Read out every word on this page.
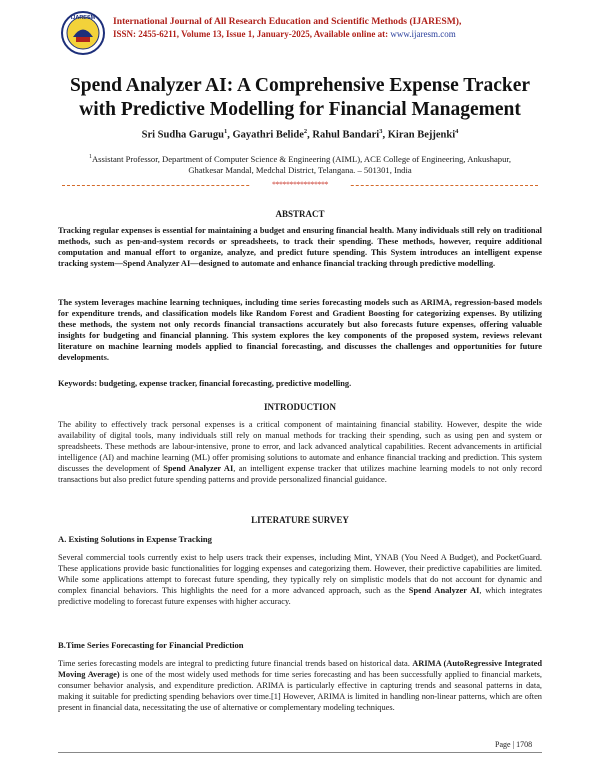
IJARESM International Journal of All Research Education and Scientific Methods (IJARESM),
ISSN: 2455-6211, Volume 13, Issue 1, January-2025, Available online at: www.ijaresm.com
Spend Analyzer AI: A Comprehensive Expense Tracker
with Predictive Modelling for Financial Management
Sri Sudha Garugu$^1$, Gayathri Belide$^2$, Rahul Bandari$^3$, Kiran Bejjenki$^4$
$^1$Assistant Professor, Department of Computer Science & Engineering (AIML), ACE College of Engineering, Ankushapur,
Ghatkesar Mandal, Medchal District, Telangana. – 501301, India
****************
ABSTRACT
Tracking regular expenses is essential for maintaining a budget and ensuring financial health. Many individuals still rely on traditional methods, such as pen-and-system records or spreadsheets, to track their spending. These methods, however, require additional computation and manual effort to organize, analyze, and predict future spending. This System introduces an intelligent expense tracking system—Spend Analyzer AI—designed to automate and enhance financial tracking through predictive modelling.
The system leverages machine learning techniques, including time series forecasting models such as ARIMA, regression-based models for expenditure trends, and classification models like Random Forest and Gradient Boosting for categorizing expenses. By utilizing these methods, the system not only records financial transactions accurately but also forecasts future expenses, offering valuable insights for budgeting and financial planning. This system explores the key components of the proposed system, reviews relevant literature on machine learning models applied to financial forecasting, and discusses the challenges and opportunities for future developments.
Keywords: budgeting, expense tracker, financial forecasting, predictive modelling.
INTRODUCTION
The ability to effectively track personal expenses is a critical component of maintaining financial stability. However, despite the wide availability of digital tools, many individuals still rely on manual methods for tracking their spending, such as using pen and system or spreadsheets. These methods are labour-intensive, prone to error, and lack advanced analytical capabilities. Recent advancements in artificial intelligence (AI) and machine learning (ML) offer promising solutions to automate and enhance financial tracking and prediction. This system discusses the development of Spend Analyzer AI, an intelligent expense tracker that utilizes machine learning models to not only record transactions but also predict future spending patterns and provide personalized financial guidance.
LITERATURE SURVEY
A. Existing Solutions in Expense Tracking
Several commercial tools currently exist to help users track their expenses, including Mint, YNAB (You Need A Budget), and PocketGuard. These applications provide basic functionalities for logging expenses and categorizing them. However, their predictive capabilities are limited. While some applications attempt to forecast future spending, they typically rely on simplistic models that do not account for dynamic and complex financial behaviors. This highlights the need for a more advanced approach, such as the Spend Analyzer AI, which integrates predictive modeling to forecast future expenses with higher accuracy.
B.Time Series Forecasting for Financial Prediction
Time series forecasting models are integral to predicting future financial trends based on historical data. ARIMA (AutoRegressive Integrated Moving Average) is one of the most widely used methods for time series forecasting and has been successfully applied to financial markets, consumer behavior analysis, and expenditure prediction. ARIMA is particularly effective in capturing trends and seasonal patterns in data, making it suitable for predicting spending behaviors over time.[1] However, ARIMA is limited in handling non-linear patterns, which are often present in financial data, necessitating the use of alternative or complementary modeling techniques.
Page | 1708
